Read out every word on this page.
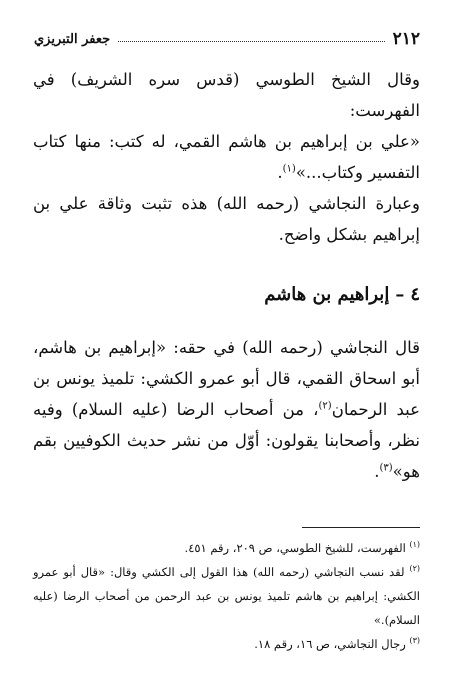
٢١٢
جعفر التبريزي

وقال الشيخ الطوسي (قدس سره الشريف) في الفهرست:
«علي بن إبراهيم بن هاشم القمي، له كتب: منها كتاب التفسير وكتاب...»$^{(١)}$.

وعبارة النجاشي (رحمه الله) هذه تثبت وثاقة علي بن إبراهيم بشكل واضح.

٤–إبراهيم بن هاشم

قال النجاشي (رحمه الله) في حقه: «إبراهيم بن هاشم، أبو اسحاق القمي، قال أبو عمرو الكشي: تلميذ يونس بن عبد الرحمان$^{(٢)}$، من أصحاب الرضا (عليه السلام) وفيه نظر، وأصحابنا يقولون: أوّل من نشر حديث الكوفيين بقم هو»$^{(٣)}$.

$^{(١)}$ الفهرست، للشيخ الطوسي، ص ٢٠٩، رقم ٤٥١.

$^{(٢)}$ لقد نسب النجاشي (رحمه الله) هذا القول إلى الكشي وقال: «قال أبو عمرو الكشي: إبراهيم بن هاشم تلميذ يونس بن عبد الرحمن من أصحاب الرضا (عليه السلام).»

$^{(٣)}$ رجال النجاشي، ص ١٦، رقم ١٨.
